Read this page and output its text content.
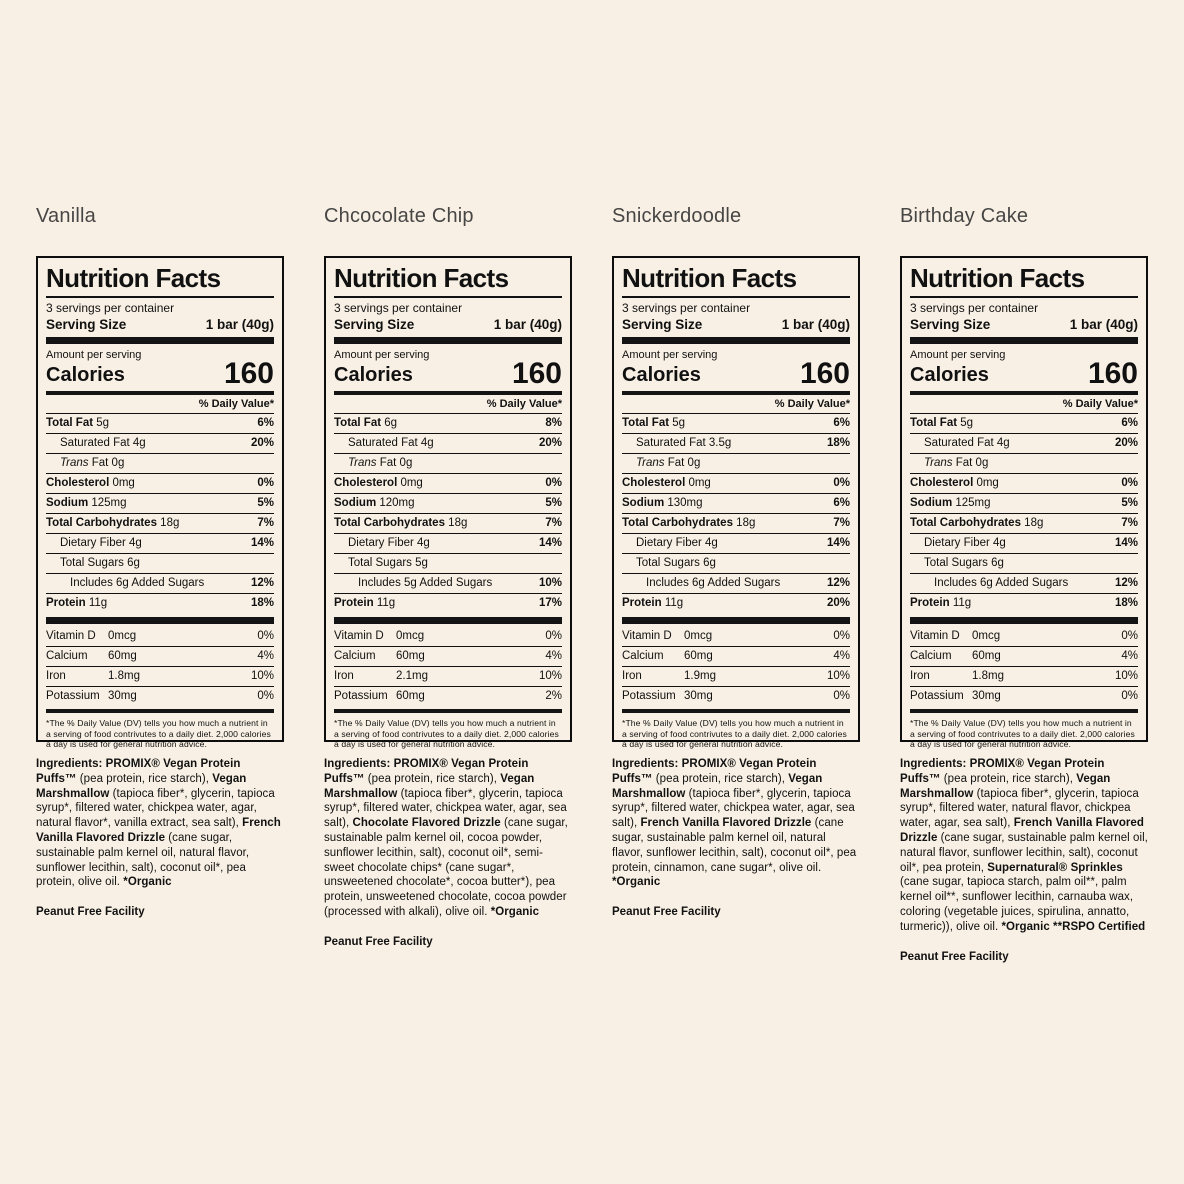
Vanilla
Nutrition Facts
3 servings per container
Serving Size	1 bar (40g)
Amount per serving
Calories	160
% Daily Value*
Total Fat 5g	6%
Saturated Fat 4g	20%
Trans Fat 0g
Cholesterol 0mg	0%
Sodium 125mg	5%
Total Carbohydrates 18g	7%
Dietary Fiber 4g	14%
Total Sugars 6g
Includes 6g Added Sugars	12%
Protein 11g	18%
Vitamin D	0mcg	0%
Calcium	60mg	4%
Iron	1.8mg	10%
Potassium 30mg	0%

*The % Daily Value (DV) tells you how much a nutrient in a serving of food contrivutes to a daily diet. 2,000 calories a day is used for general nutrition advice.

Ingredients: PROMIX® Vegan Protein Puffs™ (pea protein, rice starch), Vegan Marshmallow (tapioca fiber*, glycerin, tapioca syrup*, filtered water, chickpea water, agar, natural flavor*, vanilla extract, sea salt), French Vanilla Flavored Drizzle (cane sugar, sustainable palm kernel oil, natural flavor, sunflower lecithin, salt), coconut oil*, pea protein, olive oil. *Organic

Peanut Free Facility

Chcocolate Chip
Nutrition Facts
3 servings per container
Serving Size	1 bar (40g)
Amount per serving
Calories	160
% Daily Value*
Total Fat 6g	8%
Saturated Fat 4g	20%
Trans Fat 0g
Cholesterol 0mg	0%
Sodium 120mg	5%
Total Carbohydrates 18g	7%
Dietary Fiber 4g	14%
Total Sugars 5g
Includes 5g Added Sugars	10%
Protein 11g	17%
Vitamin D	0mcg	0%
Calcium	60mg	4%
Iron	2.1mg	10%
Potassium 60mg	2%

*The % Daily Value (DV) tells you how much a nutrient in a serving of food contrivutes to a daily diet. 2,000 calories a day is used for general nutrition advice.

Ingredients: PROMIX® Vegan Protein Puffs™ (pea protein, rice starch), Vegan Marshmallow (tapioca fiber*, glycerin, tapioca syrup*, filtered water, chickpea water, agar, sea salt), Chocolate Flavored Drizzle (cane sugar, sustainable palm kernel oil, cocoa powder, sunflower lecithin, salt), coconut oil*, semi-sweet chocolate chips* (cane sugar*, unsweetened chocolate*, cocoa butter*), pea protein, unsweetened chocolate, cocoa powder (processed with alkali), olive oil. *Organic

Peanut Free Facility

Snickerdoodle
Nutrition Facts
3 servings per container
Serving Size	1 bar (40g)
Amount per serving
Calories	160
% Daily Value*
Total Fat 5g	6%
Saturated Fat 3.5g	18%
Trans Fat 0g
Cholesterol 0mg	0%
Sodium 130mg	6%
Total Carbohydrates 18g	7%
Dietary Fiber 4g	14%
Total Sugars 6g
Includes 6g Added Sugars	12%
Protein 11g	20%
Vitamin D	0mcg	0%
Calcium	60mg	4%
Iron	1.9mg	10%
Potassium 30mg	0%

*The % Daily Value (DV) tells you how much a nutrient in a serving of food contrivutes to a daily diet. 2,000 calories a day is used for general nutrition advice.

Ingredients: PROMIX® Vegan Protein Puffs™ (pea protein, rice starch), Vegan Marshmallow (tapioca fiber*, glycerin, tapioca syrup*, filtered water, chickpea water, agar, sea salt), French Vanilla Flavored Drizzle (cane sugar, sustainable palm kernel oil, natural flavor, sunflower lecithin, salt), coconut oil*, pea protein, cinnamon, cane sugar*, olive oil. *Organic

Peanut Free Facility

Birthday Cake
Nutrition Facts
3 servings per container
Serving Size	1 bar (40g)
Amount per serving
Calories	160
% Daily Value*
Total Fat 5g	6%
Saturated Fat 4g	20%
Trans Fat 0g
Cholesterol 0mg	0%
Sodium 125mg	5%
Total Carbohydrates 18g	7%
Dietary Fiber 4g	14%
Total Sugars 6g
Includes 6g Added Sugars	12%
Protein 11g	18%
Vitamin D	0mcg	0%
Calcium	60mg	4%
Iron	1.8mg	10%
Potassium 30mg	0%

*The % Daily Value (DV) tells you how much a nutrient in a serving of food contrivutes to a daily diet. 2,000 calories a day is used for general nutrition advice.

Ingredients: PROMIX® Vegan Protein Puffs™ (pea protein, rice starch), Vegan Marshmallow (tapioca fiber*, glycerin, tapioca syrup*, filtered water, natural flavor, chickpea water, agar, sea salt), French Vanilla Flavored Drizzle (cane sugar, sustainable palm kernel oil, natural flavor, sunflower lecithin, salt), coconut oil*, pea protein, Supernatural® Sprinkles (cane sugar, tapioca starch, palm oil**, palm kernel oil**, sunflower lecithin, carnauba wax, coloring (vegetable juices, spirulina, annatto, turmeric)), olive oil. *Organic **RSPO Certified

Peanut Free Facility
